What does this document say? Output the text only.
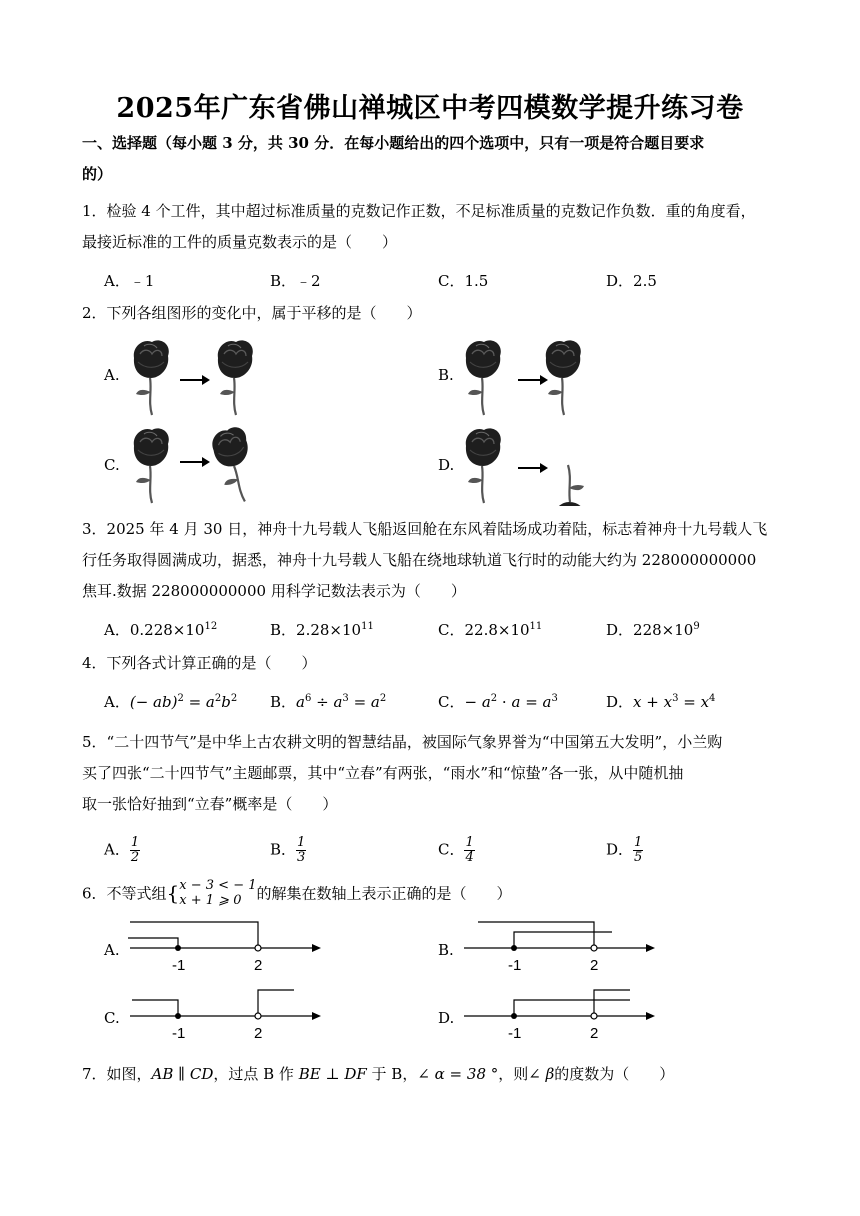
2025年广东省佛山禅城区中考四模数学提升练习卷
一、选择题（每小题 3 分，共 30 分．在每小题给出的四个选项中，只有一项是符合题目要求
的）
1．检验 4 个工件，其中超过标准质量的克数记作正数，不足标准质量的克数记作负数．重的角度看，
最接近标准的工件的质量克数表示的是（　　）
A．﹣1	B．﹣2	C．1.5	D．2.5
2．下列各组图形的变化中，属于平移的是（　　）
A.	B.
C.	D.
3．2025 年 4 月 30 日，神舟十九号载人飞船返回舱在东风着陆场成功着陆，标志着神舟十九号载人飞
行任务取得圆满成功，据悉，神舟十九号载人飞船在绕地球轨道飞行时的动能大约为 228000000000
焦耳.数据 228000000000 用科学记数法表示为（　　）
A．$0.228\times 10^{12}$	B．$2.28\times 10^{11}$	C．$22.8\times 10^{11}$	D．$228\times 10^9$
4．下列各式计算正确的是（　　）
A．(− $ab)^2 = a^2b^2$ B．$a^6 \div a^3 = a^2$	C．− $a^2 \cdot a = a^3$	D．$x + x^3 = x^4$
5．“二十四节气”是中华上古农耕文明的智慧结晶，被国际气象界誉为“中国第五大发明”，小兰购
买了四张“二十四节气”主题邮票，其中“立春”有两张，“雨水”和“惊蛰”各一张，从中随机抽
取一张恰好抽到“立春”概率是（　　）
A． $\frac{1}{2}$	B． $\frac{1}{3}$	C． $\frac{1}{4}$	D． $\frac{1}{5}$
6．不等式组{ x − 3 < − 1
x + 1 ⩾ 0	的解集在数轴上表示正确的是（　　）
A.
-1	2
B.
-1	2
C.
-1	2
D.
-1	2
7．如图，AB ∥ CD，过点 B 作 BE ⊥ DF 于 B，∠ α = 38 °，则∠ β的度数为（　　）
